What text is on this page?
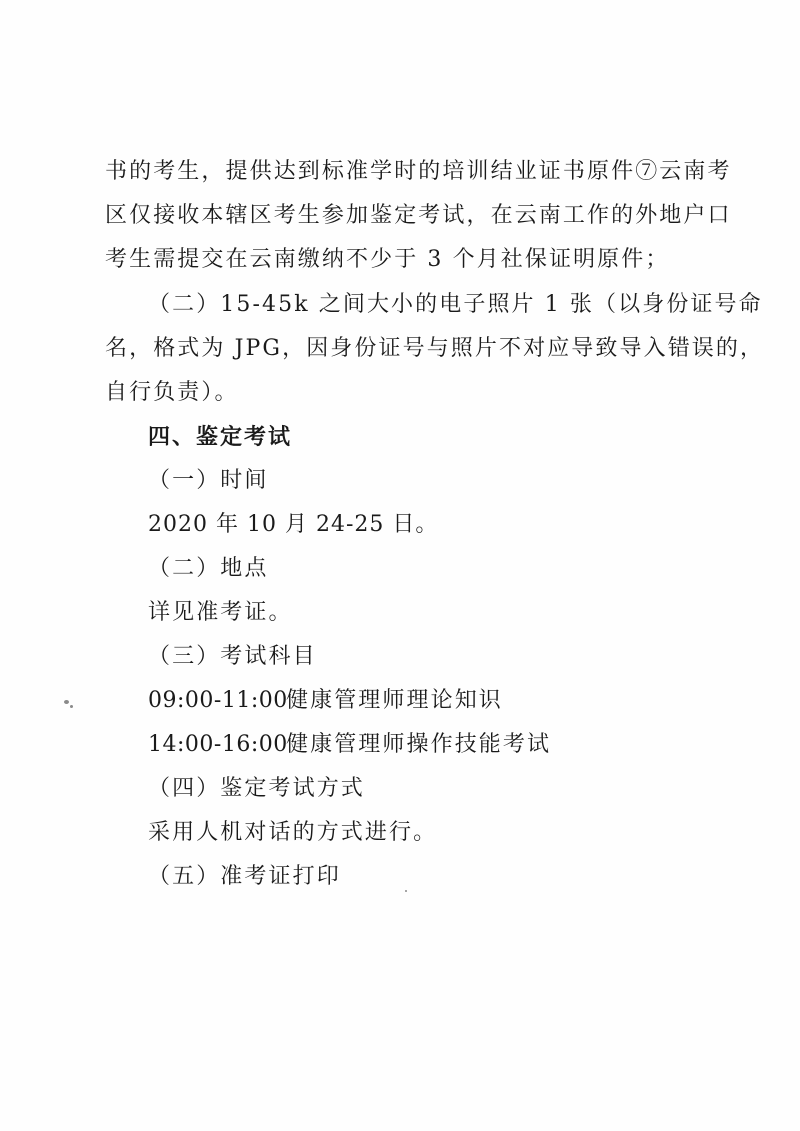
书的考生，提供达到标准学时的培训结业证书原件⑦云南考
区仅接收本辖区考生参加鉴定考试，在云南工作的外地户口
考生需提交在云南缴纳不少于 3 个月社保证明原件；
（二）15-45k 之间大小的电子照片 1 张（以身份证号命
名，格式为 JPG，因身份证号与照片不对应导致导入错误的，
自行负责）。
四、鉴定考试
（一）时间
2020 年 10 月 24-25 日。
（二）地点
详见准考证。
（三）考试科目
09:00-11:00健康管理师理论知识
14:00-16:00健康管理师操作技能考试
（四）鉴定考试方式
采用人机对话的方式进行。
（五）准考证打印
